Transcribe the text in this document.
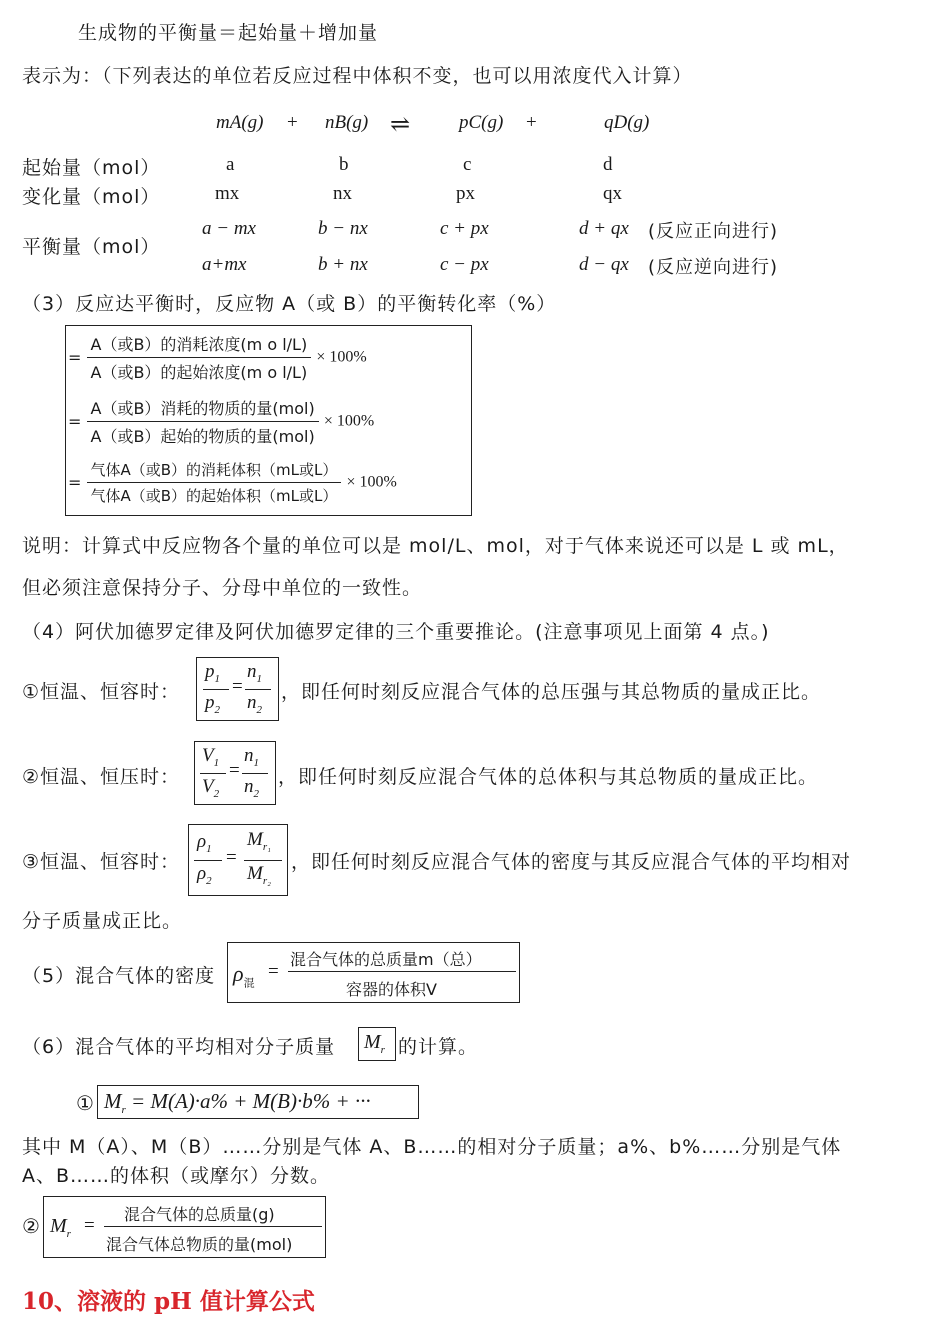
生成物的平衡量＝起始量＋增加量
表示为：（下列表达的单位若反应过程中体积不变，也可以用浓度代入计算）
mA(g) + nB(g) ⇌	pC(g) +	qD(g)
起始量（mol）	a	b	c	d
变化量（mol）	mx	nx	px	qx
平衡量（mol）
a − mx	b − nx	c + px	d + qx (反应正向进行)
a+mx	b + nx	c − px	d − qx (反应逆向进行)
（3）反应达平衡时，反应物 A（或 B）的平衡转化率（%）
= $\frac{\text{A（或B）的消耗浓度(m o l/L)}}{\text{A（或B）的起始浓度(m o l/L)}} \times 100\%$
= $\frac{\text{A（或B）消耗的物质的量(mol)}}{\text{A（或B）起始的物质的量(mol)}} \times 100\%$
= $\frac{\text{气体A（或B）的消耗体积（mL或L）}}{\text{气体A（或B）的起始体积（mL或L）}} \times 100\%$
说明：计算式中反应物各个量的单位可以是 mol/L、mol，对于气体来说还可以是 L 或 mL，
但必须注意保持分子、分母中单位的一致性。
（4）阿伏加德罗定律及阿伏加德罗定律的三个重要推论。(注意事项见上面第 4 点。)
①恒温、恒容时：
$p_1$ $n_1$
=
$p_2$ $n_2$
，即任何时刻反应混合气体的总压强与其总物质的量成正比。
②恒温、恒压时：
$V_1$ $n_1$
=
$V_2$ $n_2$
，即任何时刻反应混合气体的总体积与其总物质的量成正比。
③恒温、恒容时：
$\rho_1$ $M_{r_1}$
=
$\rho_2$ $M_{r_2}$
，即任何时刻反应混合气体的密度与其反应混合气体的平均相对
分子质量成正比。
（5）混合气体的密度 $\rho_混$
=
混合气体的总质量m（总）
容器的体积V
（6）混合气体的平均相对分子质量 $M_r$ 的计算。
① $M_r = M(A)\cdot a\% + M(B)\cdot b\%$ + ···
其中 M（A）、M（B）……分别是气体 A、B……的相对分子质量；a%、b%……分别是气体
A、B……的体积（或摩尔）分数。
② $M_r$ =
混合气体的总质量(g)
混合气体总物质的量(mol)
10、溶液的 pH 值计算公式
